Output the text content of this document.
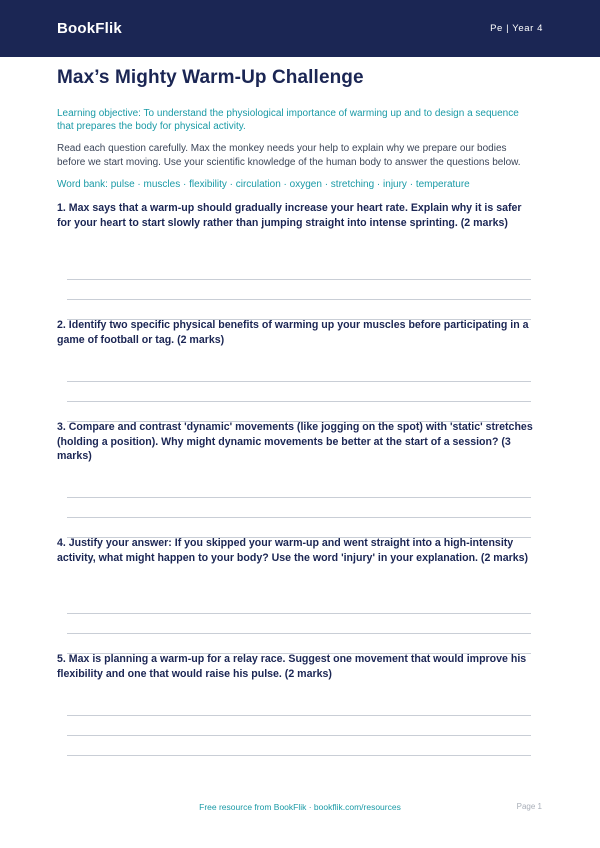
BookFlik	Pe | Year 4
Max’s Mighty Warm-Up Challenge
Learning objective: To understand the physiological importance of warming up and to design a sequence that prepares the body for physical activity.
Read each question carefully. Max the monkey needs your help to explain why we prepare our bodies before we start moving. Use your scientific knowledge of the human body to answer the questions below.
Word bank: pulse · muscles · flexibility · circulation · oxygen · stretching · injury · temperature
1. Max says that a warm-up should gradually increase your heart rate. Explain why it is safer for your heart to start slowly rather than jumping straight into intense sprinting. (2 marks)
2. Identify two specific physical benefits of warming up your muscles before participating in a game of football or tag. (2 marks)
3. Compare and contrast 'dynamic' movements (like jogging on the spot) with 'static' stretches (holding a position). Why might dynamic movements be better at the start of a session? (3 marks)
4. Justify your answer: If you skipped your warm-up and went straight into a high-intensity activity, what might happen to your body? Use the word 'injury' in your explanation. (2 marks)
5. Max is planning a warm-up for a relay race. Suggest one movement that would improve his flexibility and one that would raise his pulse. (2 marks)
Free resource from BookFlik · bookflik.com/resources	Page 1
